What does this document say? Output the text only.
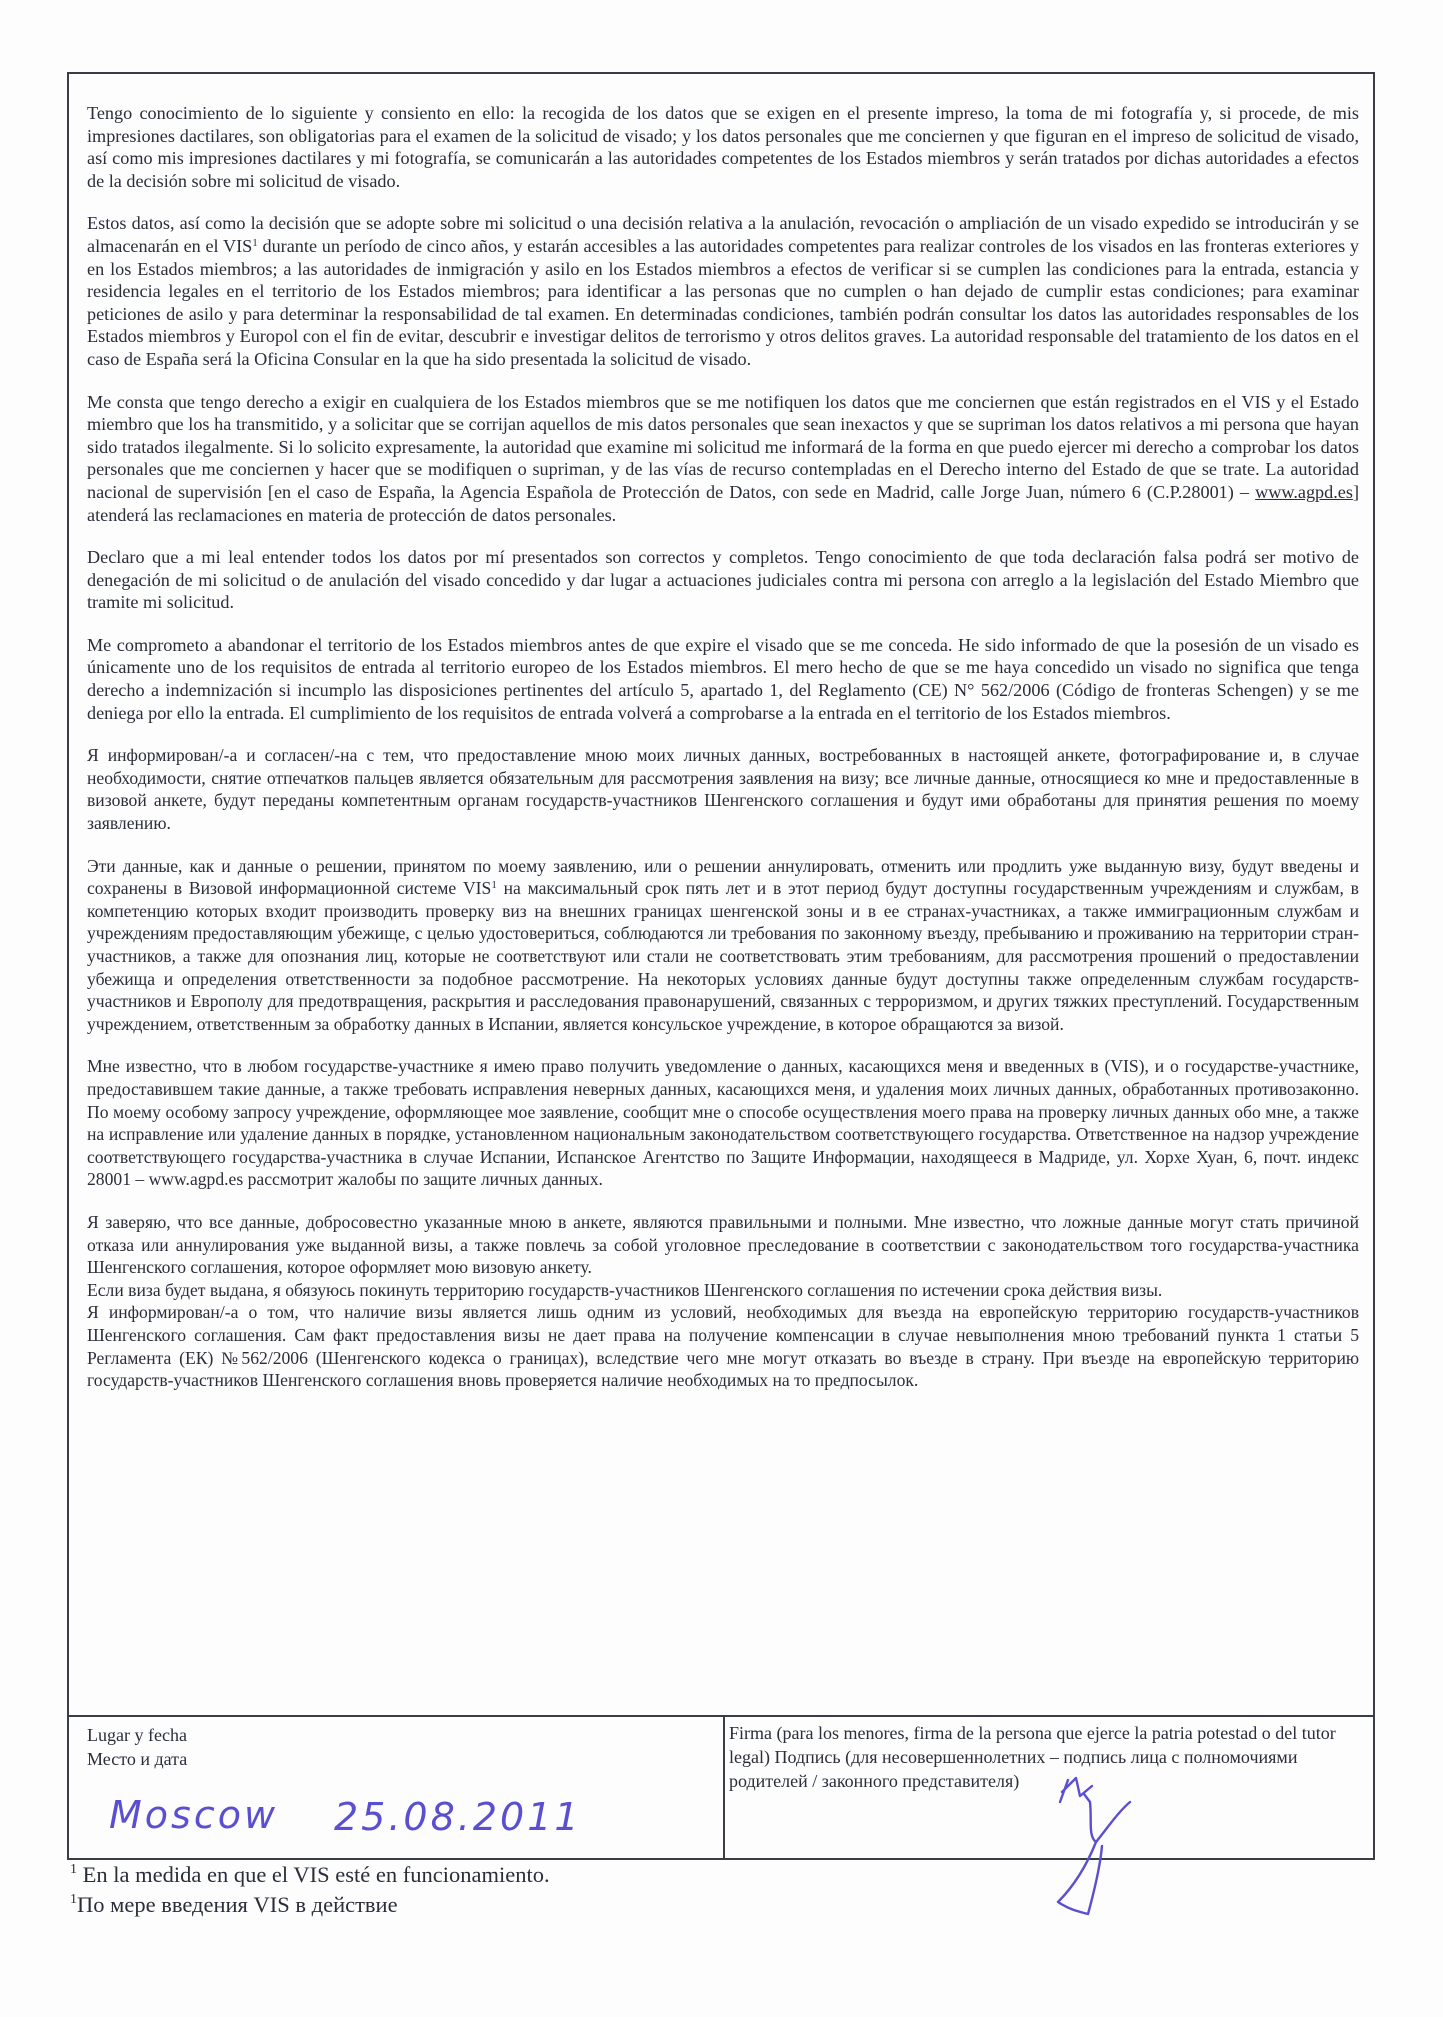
Tengo conocimiento de lo siguiente y consiento en ello: la recogida de los datos que se exigen en el presente impreso, la toma de mi fotografía y, si procede, de mis impresiones dactilares, son obligatorias para el examen de la solicitud de visado; y los datos personales que me conciernen y que figuran en el impreso de solicitud de visado, así como mis impresiones dactilares y mi fotografía, se comunicarán a las autoridades competentes de los Estados miembros y serán tratados por dichas autoridades a efectos de la decisión sobre mi solicitud de visado.

Estos datos, así como la decisión que se adopte sobre mi solicitud o una decisión relativa a la anulación, revocación o ampliación de un visado expedido se introducirán y se almacenarán en el VIS$^1$ durante un período de cinco años, y estarán accesibles a las autoridades competentes para realizar controles de los visados en las fronteras exteriores y en los Estados miembros; a las autoridades de inmigración y asilo en los Estados miembros a efectos de verificar si se cumplen las condiciones para la entrada, estancia y residencia legales en el territorio de los Estados miembros; para identificar a las personas que no cumplen o han dejado de cumplir estas condiciones; para examinar peticiones de asilo y para determinar la responsabilidad de tal examen. En determinadas condiciones, también podrán consultar los datos las autoridades responsables de los Estados miembros y Europol con el fin de evitar, descubrir e investigar delitos de terrorismo y otros delitos graves. La autoridad responsable del tratamiento de los datos en el caso de España será la Oficina Consular en la que ha sido presentada la solicitud de visado.

Me consta que tengo derecho a exigir en cualquiera de los Estados miembros que se me notifiquen los datos que me conciernen que están registrados en el VIS y el Estado miembro que los ha transmitido, y a solicitar que se corrijan aquellos de mis datos personales que sean inexactos y que se supriman los datos relativos a mi persona que hayan sido tratados ilegalmente. Si lo solicito expresamente, la autoridad que examine mi solicitud me informará de la forma en que puedo ejercer mi derecho a comprobar los datos personales que me conciernen y hacer que se modifiquen o supriman, y de las vías de recurso contempladas en el Derecho interno del Estado de que se trate. La autoridad nacional de supervisión [en el caso de España, la Agencia Española de Protección de Datos, con sede en Madrid, calle Jorge Juan, número 6 (C.P.28001) – www.agpd.es] atenderá las reclamaciones en materia de protección de datos personales.

Declaro que a mi leal entender todos los datos por mí presentados son correctos y completos. Tengo conocimiento de que toda declaración falsa podrá ser motivo de denegación de mi solicitud o de anulación del visado concedido y dar lugar a actuaciones judiciales contra mi persona con arreglo a la legislación del Estado Miembro que tramite mi solicitud.

Me comprometo a abandonar el territorio de los Estados miembros antes de que expire el visado que se me conceda. He sido informado de que la posesión de un visado es únicamente uno de los requisitos de entrada al territorio europeo de los Estados miembros. El mero hecho de que se me haya concedido un visado no significa que tenga derecho a indemnización si incumplo las disposiciones pertinentes del artículo 5, apartado 1, del Reglamento (CE) N° 562/2006 (Código de fronteras Schengen) y se me deniega por ello la entrada. El cumplimiento de los requisitos de entrada volverá a comprobarse a la entrada en el territorio de los Estados miembros.

Я информирован/-а и согласен/-на с тем, что предоставление мною моих личных данных, востребованных в настоящей анкете, фотографирование и, в случае необходимости, снятие отпечатков пальцев является обязательным для рассмотрения заявления на визу; все личные данные, относящиеся ко мне и предоставленные в визовой анкете, будут переданы компетентным органам государств-участников Шенгенского соглашения и будут ими обработаны для принятия решения по моему заявлению.

Эти данные, как и данные о решении, принятом по моему заявлению, или о решении аннулировать, отменить или продлить уже выданную визу, будут введены и сохранены в Визовой информационной системе VIS$^1$ на максимальный срок пять лет и в этот период будут доступны государственным учреждениям и службам, в компетенцию которых входит производить проверку виз на внешних границах шенгенской зоны и в ее странах-участниках, а также иммиграционным службам и учреждениям предоставляющим убежище, с целью удостовериться, соблюдаются ли требования по законному въезду, пребыванию и проживанию на территории стран-участников, а также для опознания лиц, которые не соответствуют или стали не соответствовать этим требованиям, для рассмотрения прошений о предоставлении убежища и определения ответственности за подобное рассмотрение. На некоторых условиях данные будут доступны также определенным службам государств-участников и Европолу для предотвращения, раскрытия и расследования правонарушений, связанных с терроризмом, и других тяжких преступлений. Государственным учреждением, ответственным за обработку данных в Испании, является консульское учреждение, в которое обращаются за визой.

Мне известно, что в любом государстве-участнике я имею право получить уведомление о данных, касающихся меня и введенных в (VIS), и о государстве-участнике, предоставившем такие данные, а также требовать исправления неверных данных, касающихся меня, и удаления моих личных данных, обработанных противозаконно. По моему особому запросу учреждение, оформляющее мое заявление, сообщит мне о способе осуществления моего права на проверку личных данных обо мне, а также на исправление или удаление данных в порядке, установленном национальным законодательством соответствующего государства. Ответственное на надзор учреждение соответствующего государства-участника в случае Испании, Испанское Агентство по Защите Информации, находящееся в Мадриде, ул. Хорхе Хуан, 6, почт. индекс 28001 – www.agpd.es рассмотрит жалобы по защите личных данных.

Я заверяю, что все данные, добросовестно указанные мною в анкете, являются правильными и полными. Мне известно, что ложные данные могут стать причиной отказа или аннулирования уже выданной визы, а также повлечь за собой уголовное преследование в соответствии с законодательством того государства-участника Шенгенского соглашения, которое оформляет мою визовую анкету.

Если виза будет выдана, я обязуюсь покинуть территорию государств-участников Шенгенского соглашения по истечении срока действия визы.

Я информирован/-а о том, что наличие визы является лишь одним из условий, необходимых для въезда на европейскую территорию государств-участников Шенгенского соглашения. Сам факт предоставления визы не дает права на получение компенсации в случае невыполнения мною требований пункта 1 статьи 5 Регламента (ЕК) №562/2006 (Шенгенского кодекса о границах), вследствие чего мне могут отказать во въезде в страну. При въезде на европейскую территорию государств-участников Шенгенского соглашения вновь проверяется наличие необходимых на то предпосылок.

Lugar y fecha
Место и дата
Moscow 25.08.2011
Firma (para los menores, firma de la persona que ejerce la patria potestad o del tutor legal) Подпись (для несовершеннолетних – подпись лица с полномочиями родителей / законного представителя)
$^1$ En la medida en que el VIS esté en funcionamiento.
$^1$По мере введения VIS в действие
